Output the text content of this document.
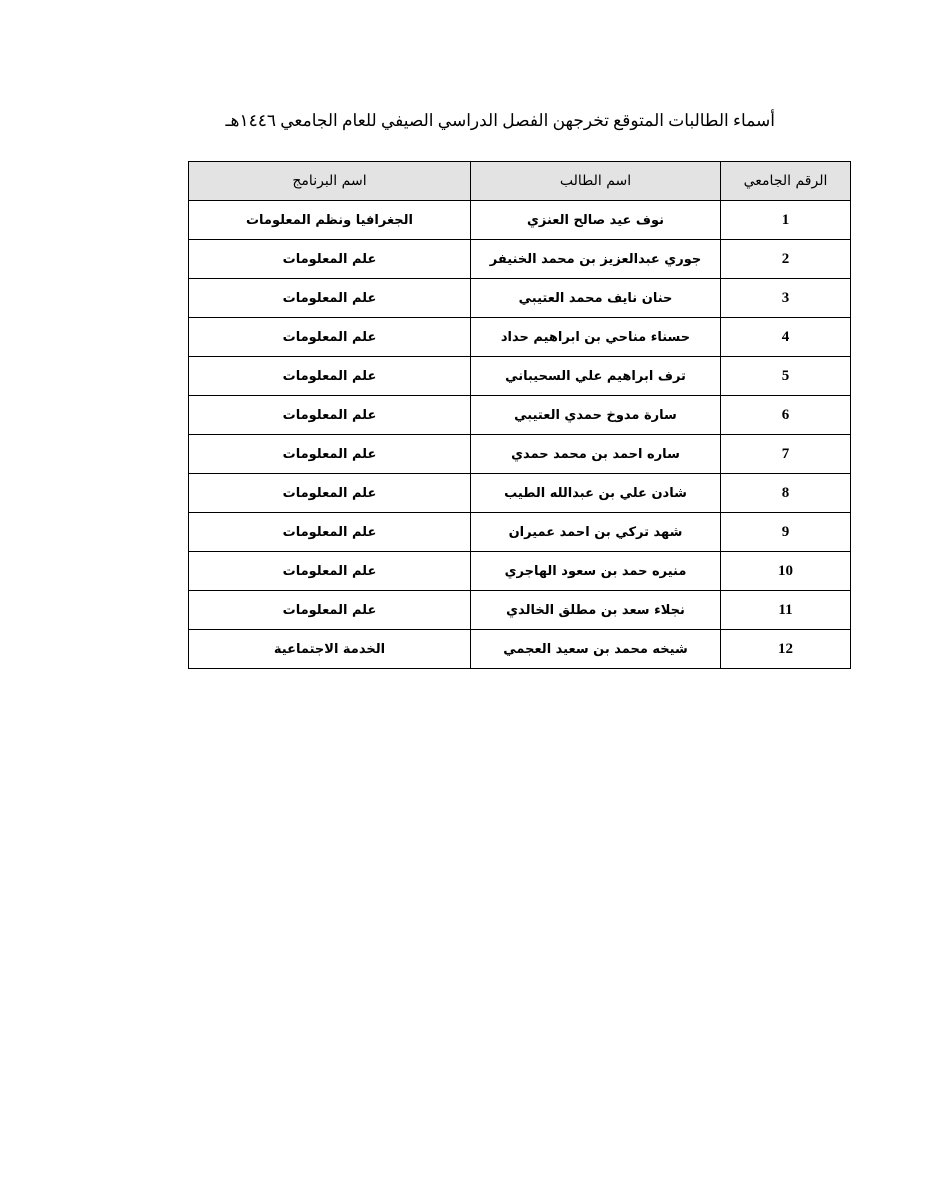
أسماء الطالبات المتوقع تخرجهن الفصل الدراسي الصيفي للعام الجامعي ١٤٤٦هـ
الرقم الجامعي	اسم الطالب	اسم البرنامج
1	نوف عيد صالح العنزي	الجغرافيا ونظم المعلومات
2	جوري عبدالعزيز بن محمد الخنيفر	علم المعلومات
3	حنان نايف محمد العتيبي	علم المعلومات
4	حسناء مناحي بن ابراهيم حداد	علم المعلومات
5	ترف ابراهيم علي السحيباني	علم المعلومات
6	سارة مدوخ حمدي العتيبي	علم المعلومات
7	ساره احمد بن محمد حمدي	علم المعلومات
8	شادن علي بن عبدالله الطيب	علم المعلومات
9	شهد تركي بن احمد عميران	علم المعلومات
10	منيره حمد بن سعود الهاجري	علم المعلومات
11	نجلاء سعد بن مطلق الخالدي	علم المعلومات
12	شيخه محمد بن سعيد العجمي	الخدمة الاجتماعية
